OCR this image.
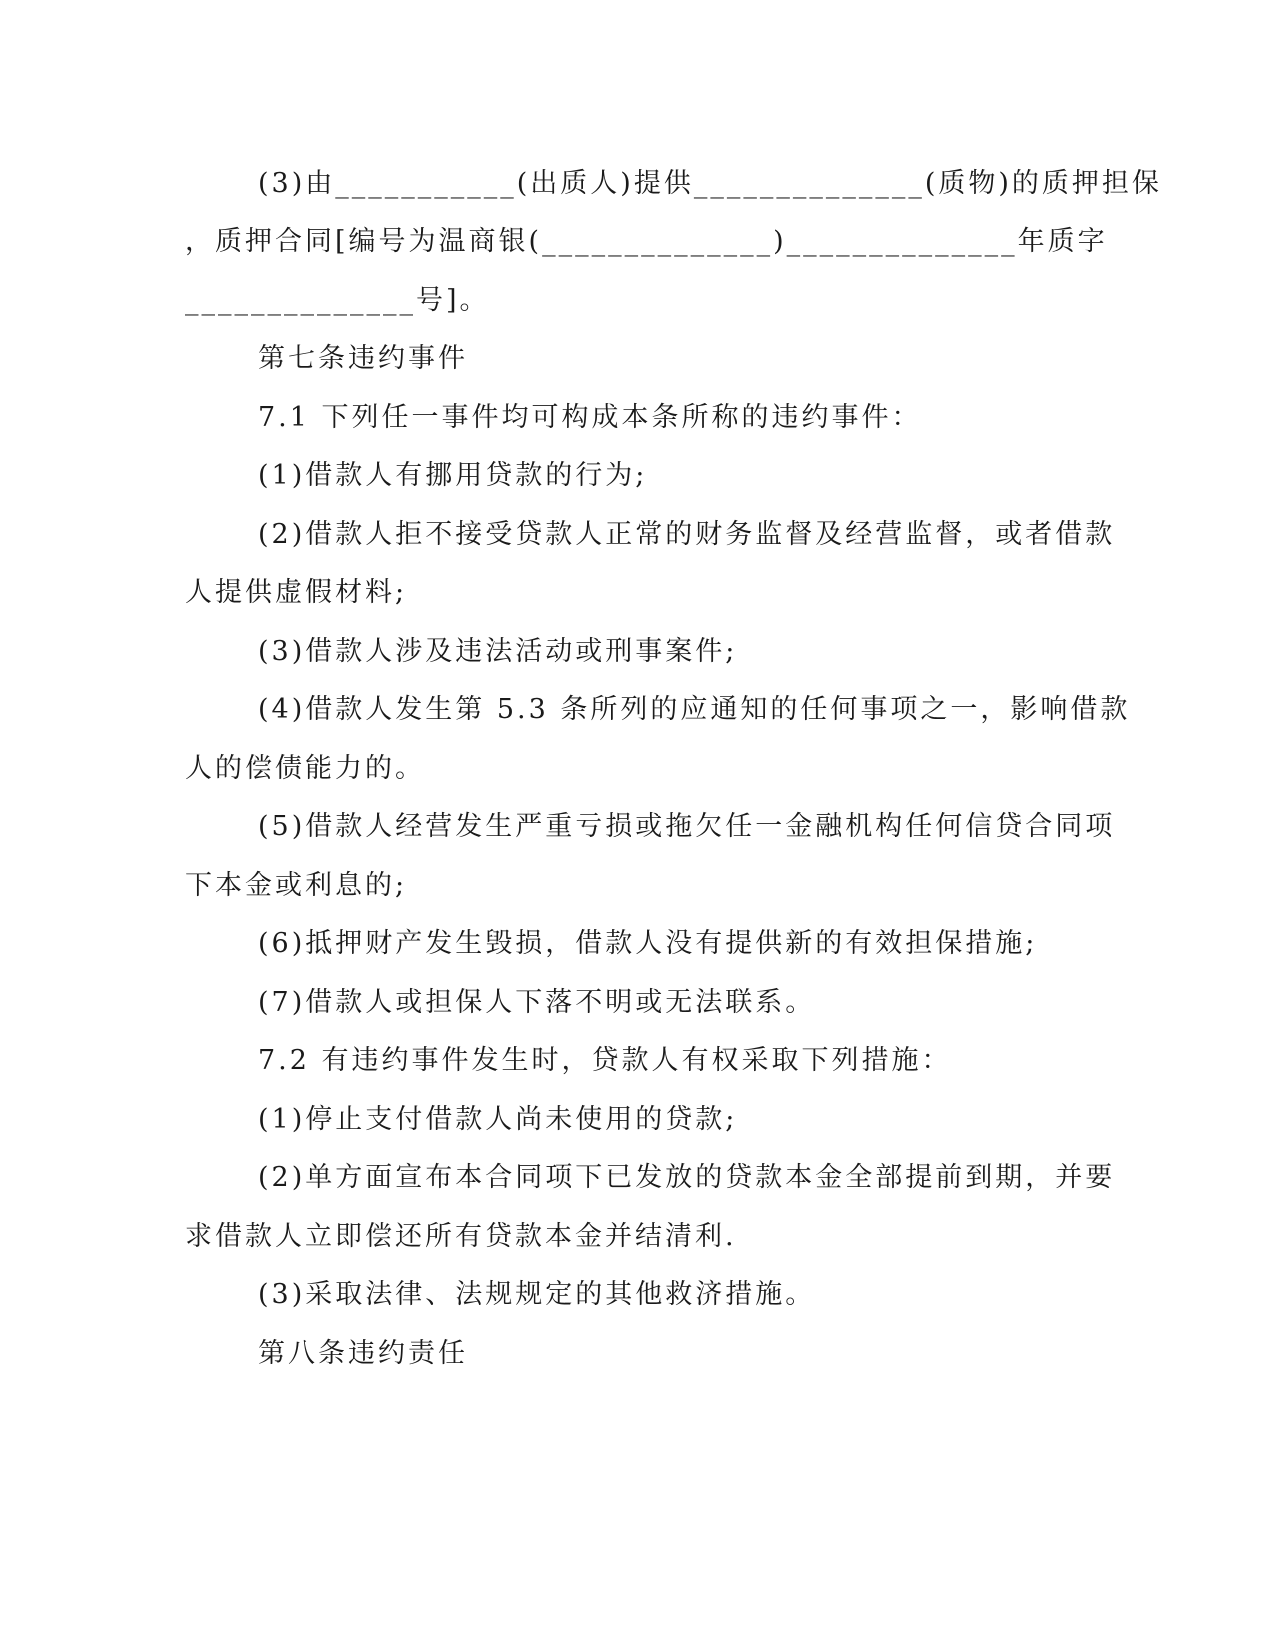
(3)由___________(出质人)提供______________(质物)的质押担保
，质押合同[编号为温商银(______________)______________年质字
______________号]。
第七条违约事件
7.1 下列任一事件均可构成本条所称的违约事件：
(1)借款人有挪用贷款的行为;
(2)借款人拒不接受贷款人正常的财务监督及经营监督，或者借款
人提供虚假材料;
(3)借款人涉及违法活动或刑事案件;
(4)借款人发生第 5.3 条所列的应通知的任何事项之一，影响借款
人的偿债能力的。
(5)借款人经营发生严重亏损或拖欠任一金融机构任何信贷合同项
下本金或利息的;
(6)抵押财产发生毁损，借款人没有提供新的有效担保措施;
(7)借款人或担保人下落不明或无法联系。
7.2 有违约事件发生时，贷款人有权采取下列措施：
(1)停止支付借款人尚未使用的贷款;
(2)单方面宣布本合同项下已发放的贷款本金全部提前到期，并要
求借款人立即偿还所有贷款本金并结清利.
(3)采取法律、法规规定的其他救济措施。
第八条违约责任
